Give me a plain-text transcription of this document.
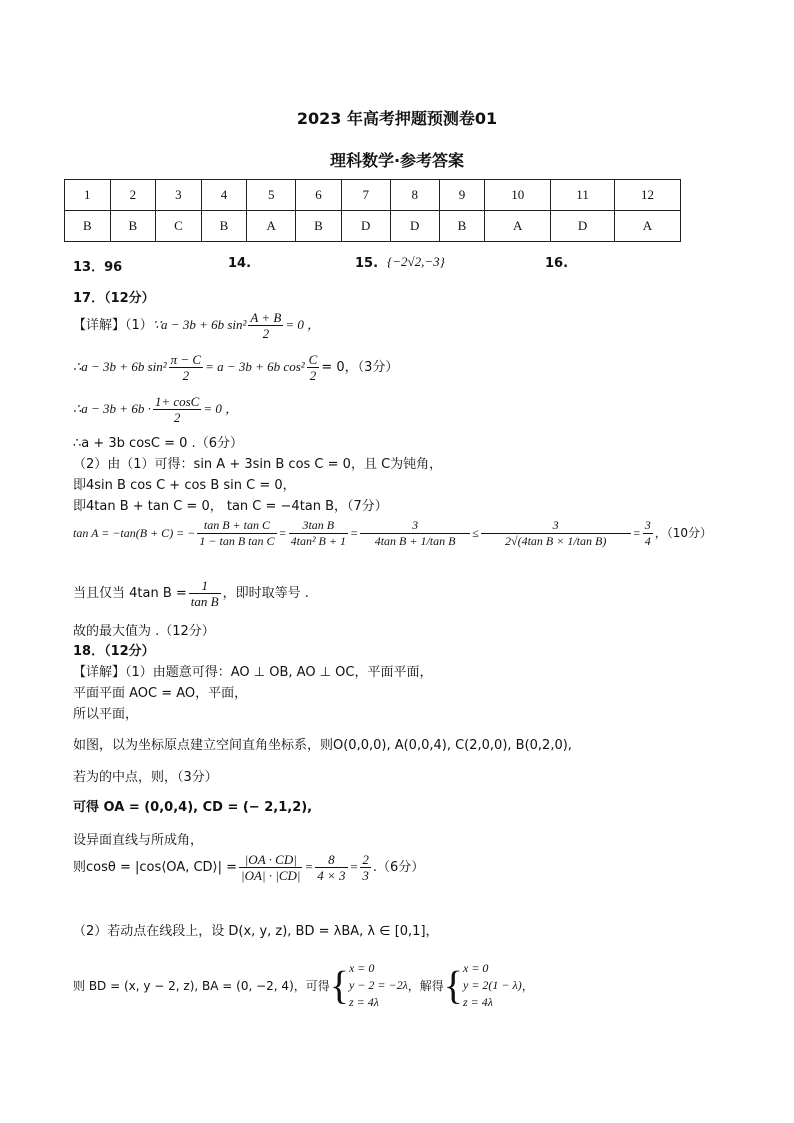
2023 年高考押题预测卷01
理科数学·参考答案
1	2	3	4	5	6	7	8	9	10	11	12
B	B	C	B	A	B	D	D	B	A	D	A
13．96	14.	15. {−2√2,−3}	16.
17．（12分）
【详解】（1）∵a − 3b + 6b $\sin^2 \frac{A + B}{2} = 0$ ，
∴a − 3b + 6b $\sin^2 \frac{\pi - C}{2} = a - 3b + 6b$ $\cos^2 \frac{C}{2} = 0$，（3分）
∴a − $3b + 6b \cdot \frac{1+ \cos C}{2} = 0$ ，
∴a + 3b cosC = 0 .（6分）
（2）由（1）可得：sin A + 3sin B cos C = 0，且 C为钝角，
即4sin B cos C + cos B sin C = 0，
即4tan B + tan C = 0， tan C = −4tan B，（7分）
tan A = −tan(B + C) = − $\frac{\text{tan B + tan C}}{\text{1 − tan B tan C}} = \frac{\text{3tan B}}{\text{4tan² B + 1}} = \frac{3}{\text{4tan B + 1/tan B}} \le \frac{3}{\text{2√(4tan B × 1/tan B)}} = \frac{3}{4}$ ，（10分）
当且仅当 4tan $B = \frac{1}{\text{tan B}}$ ，即时取等号 .
故的最大值为 .（12分）
18．（12分）
【详解】（1）由题意可得：AO ⊥ OB, AO ⊥ OC，平面平面，
平面平面 AOC = AO，平面，
所以平面，
如图，以为坐标原点建立空间直角坐标系，则O(0,0,0), A(0,0,4), C(2,0,0), B(0,2,0),
若为的中点，则，（3分）
可得 OA = (0,0,4), CD = (− 2,1,2),
设异面直线与所成角，
则cosθ = |cos⟨OA, CD⟩| = $\frac{|OA \cdot CD|}{|OA| \cdot |CD|} = \frac{8}{4 \times 3} = \frac{2}{3} .(6$分）
（2）若动点在线段上，设 D(x, y, z), BD = λBA, λ ∈ [0,1]，
则 BD = (x, y − 2, z), BA = (0, −2, 4)，可得{ x = 0
y − 2 = −2λ
z = 4λ
，解得{ x = 0
y = 2(1 − λ)
z = 4λ
，
